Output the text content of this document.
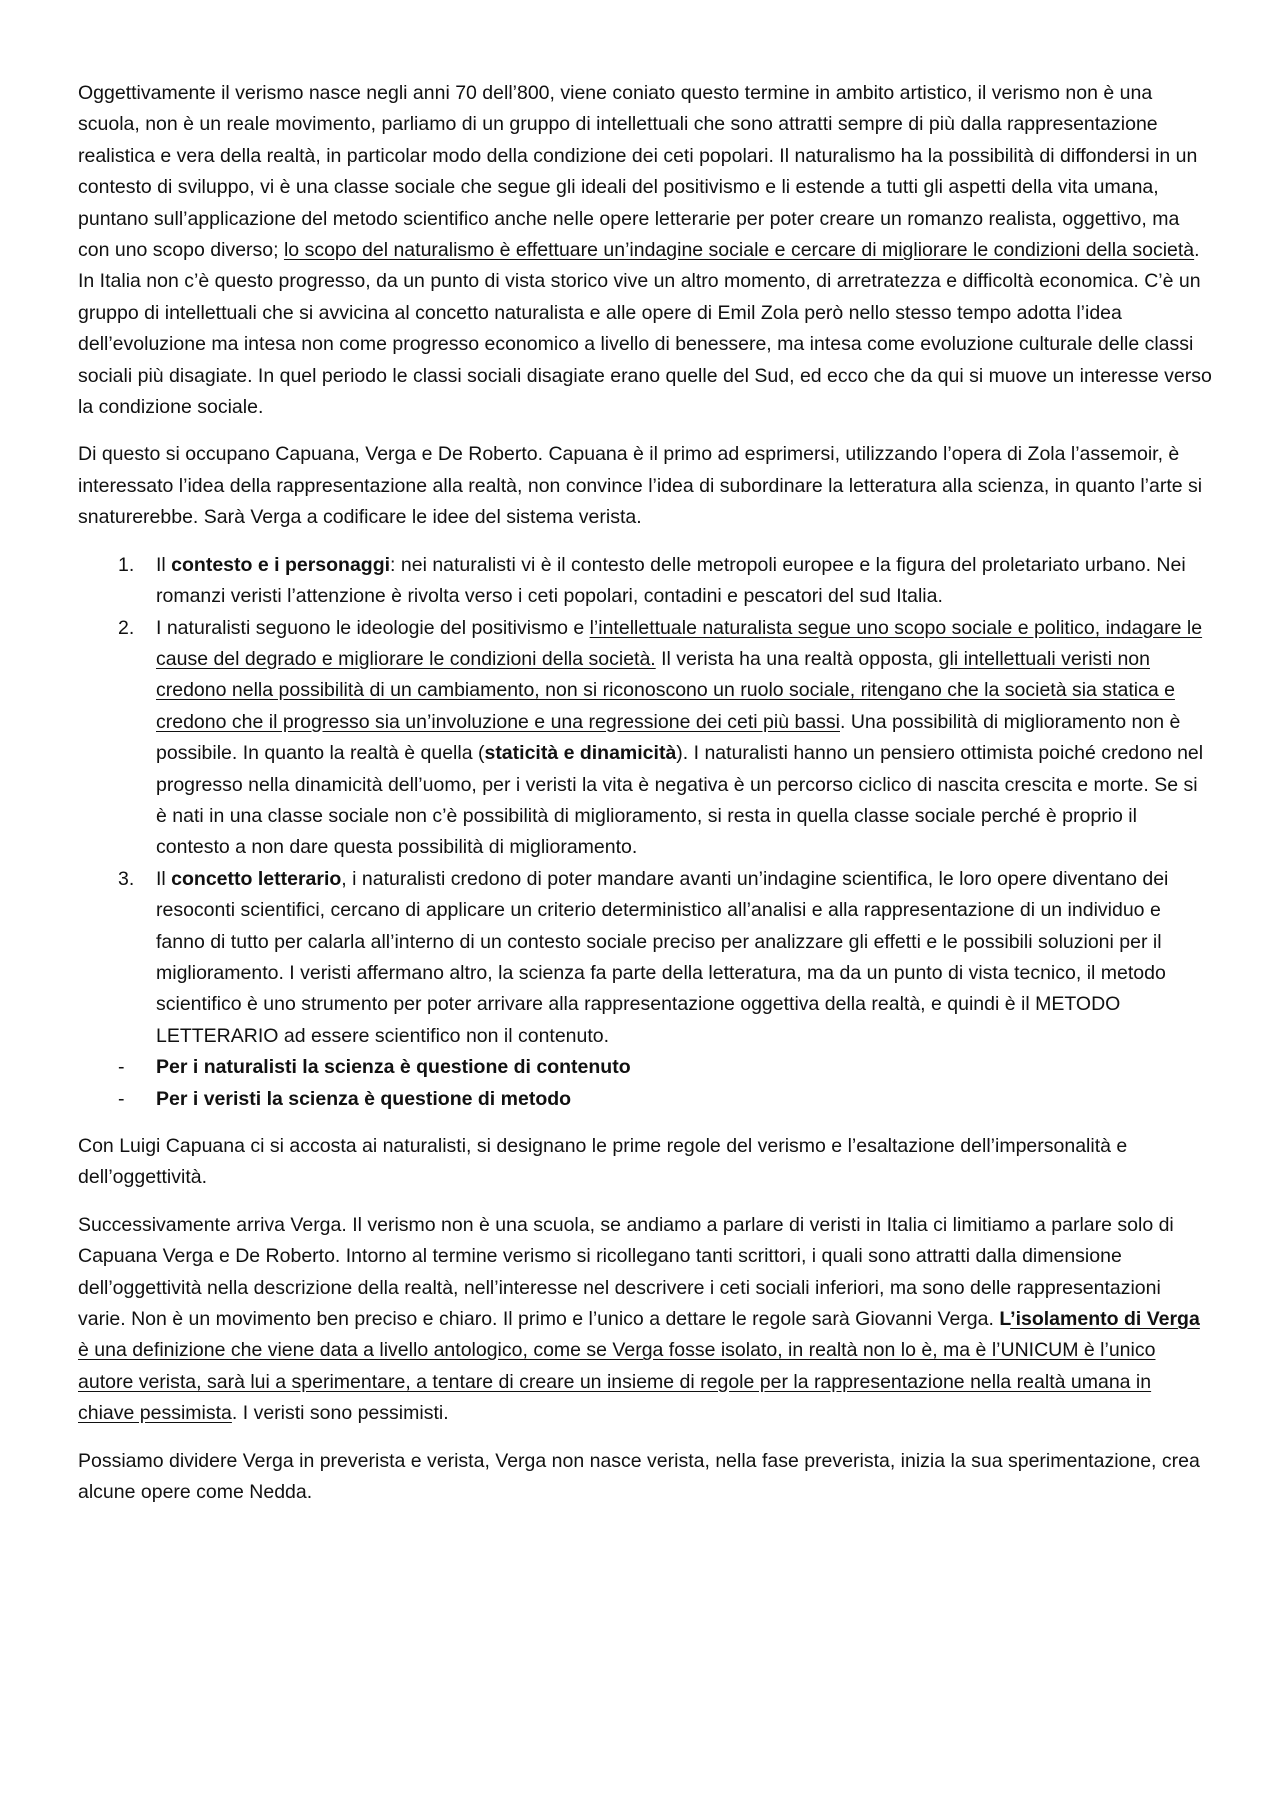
Oggettivamente il verismo nasce negli anni 70 dell’800, viene coniato questo termine in ambito artistico, il verismo non è una scuola, non è un reale movimento, parliamo di un gruppo di intellettuali che sono attratti sempre di più dalla rappresentazione realistica e vera della realtà, in particolar modo della condizione dei ceti popolari. Il naturalismo ha la possibilità di diffondersi in un contesto di sviluppo, vi è una classe sociale che segue gli ideali del positivismo e li estende a tutti gli aspetti della vita umana, puntano sull’applicazione del metodo scientifico anche nelle opere letterarie per poter creare un romanzo realista, oggettivo, ma con uno scopo diverso; lo scopo del naturalismo è effettuare un’indagine sociale e cercare di migliorare le condizioni della società. In Italia non c’è questo progresso, da un punto di vista storico vive un altro momento, di arretratezza e difficoltà economica. C’è un gruppo di intellettuali che si avvicina al concetto naturalista e alle opere di Emil Zola però nello stesso tempo adotta l’idea dell’evoluzione ma intesa non come progresso economico a livello di benessere, ma intesa come evoluzione culturale delle classi sociali più disagiate. In quel periodo le classi sociali disagiate erano quelle del Sud, ed ecco che da qui si muove un interesse verso la condizione sociale.

Di questo si occupano Capuana, Verga e De Roberto. Capuana è il primo ad esprimersi, utilizzando l’opera di Zola l’assemoir, è interessato l’idea della rappresentazione alla realtà, non convince l’idea di subordinare la letteratura alla scienza, in quanto l’arte si snaturerebbe. Sarà Verga a codificare le idee del sistema verista.

1. Il contesto e i personaggi: nei naturalisti vi è il contesto delle metropoli europee e la figura del proletariato urbano. Nei romanzi veristi l’attenzione è rivolta verso i ceti popolari, contadini e pescatori del sud Italia.
2. I naturalisti seguono le ideologie del positivismo e l’intellettuale naturalista segue uno scopo sociale e politico, indagare le cause del degrado e migliorare le condizioni della società. Il verista ha una realtà opposta, gli intellettuali veristi non credono nella possibilità di un cambiamento, non si riconoscono un ruolo sociale, ritengano che la società sia statica e credono che il progresso sia un’involuzione e una regressione dei ceti più bassi. Una possibilità di miglioramento non è possibile. In quanto la realtà è quella (staticità e dinamicità). I naturalisti hanno un pensiero ottimista poiché credono nel progresso nella dinamicità dell’uomo, per i veristi la vita è negativa è un percorso ciclico di nascita crescita e morte. Se si è nati in una classe sociale non c’è possibilità di miglioramento, si resta in quella classe sociale perché è proprio il contesto a non dare questa possibilità di miglioramento.
3. Il concetto letterario, i naturalisti credono di poter mandare avanti un’indagine scientifica, le loro opere diventano dei resoconti scientifici, cercano di applicare un criterio deterministico all’analisi e alla rappresentazione di un individuo e fanno di tutto per calarla all’interno di un contesto sociale preciso per analizzare gli effetti e le possibili soluzioni per il miglioramento. I veristi affermano altro, la scienza fa parte della letteratura, ma da un punto di vista tecnico, il metodo scientifico è uno strumento per poter arrivare alla rappresentazione oggettiva della realtà, e quindi è il METODO LETTERARIO ad essere scientifico non il contenuto.
- Per i naturalisti la scienza è questione di contenuto
- Per i veristi la scienza è questione di metodo

Con Luigi Capuana ci si accosta ai naturalisti, si designano le prime regole del verismo e l’esaltazione dell’impersonalità e dell’oggettività.

Successivamente arriva Verga. Il verismo non è una scuola, se andiamo a parlare di veristi in Italia ci limitiamo a parlare solo di Capuana Verga e De Roberto. Intorno al termine verismo si ricollegano tanti scrittori, i quali sono attratti dalla dimensione dell’oggettività nella descrizione della realtà, nell’interesse nel descrivere i ceti sociali inferiori, ma sono delle rappresentazioni varie. Non è un movimento ben preciso e chiaro. Il primo e l’unico a dettare le regole sarà Giovanni Verga. L’isolamento di Verga è una definizione che viene data a livello antologico, come se Verga fosse isolato, in realtà non lo è, ma è l’UNICUM è l’unico autore verista, sarà lui a sperimentare, a tentare di creare un insieme di regole per la rappresentazione nella realtà umana in chiave pessimista. I veristi sono pessimisti.

Possiamo dividere Verga in preverista e verista, Verga non nasce verista, nella fase preverista, inizia la sua sperimentazione, crea alcune opere come Nedda.
